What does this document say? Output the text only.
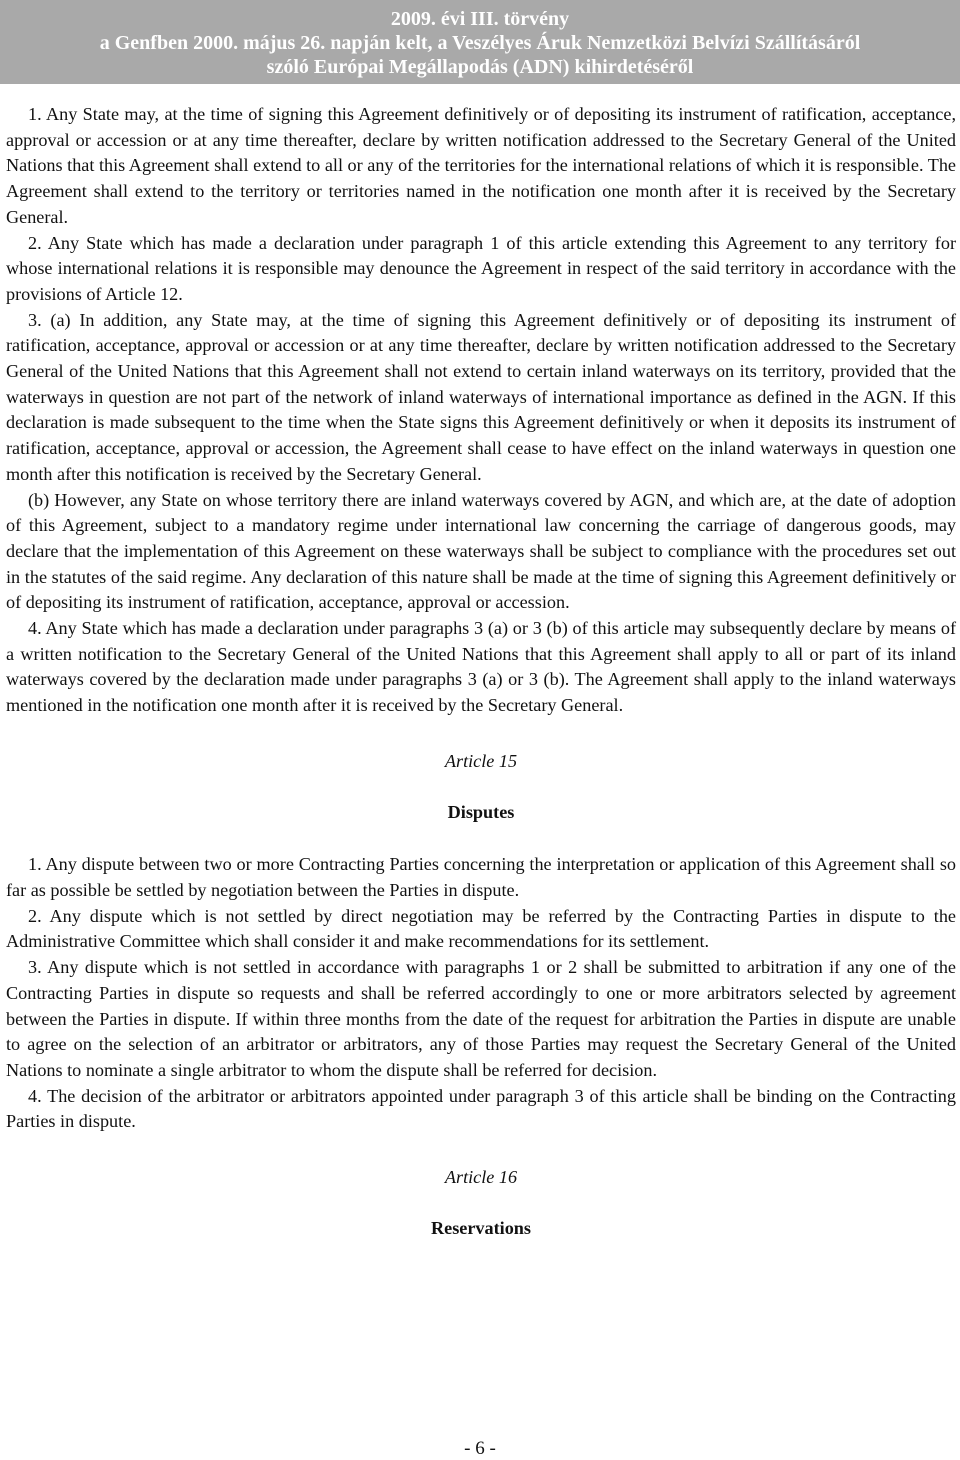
2009. évi III. törvény
a Genfben 2000. május 26. napján kelt, a Veszélyes Áruk Nemzetközi Belvízi Szállításáról
szóló Európai Megállapodás (ADN) kihirdetéséről

1. Any State may, at the time of signing this Agreement definitively or of depositing its instrument of ratification, acceptance, approval or accession or at any time thereafter, declare by written notification addressed to the Secretary General of the United Nations that this Agreement shall extend to all or any of the territories for the international relations of which it is responsible. The Agreement shall extend to the territory or territories named in the notification one month after it is received by the Secretary General.

2. Any State which has made a declaration under paragraph 1 of this article extending this Agreement to any territory for whose international relations it is responsible may denounce the Agreement in respect of the said territory in accordance with the provisions of Article 12.

3. (a) In addition, any State may, at the time of signing this Agreement definitively or of depositing its instrument of ratification, acceptance, approval or accession or at any time thereafter, declare by written notification addressed to the Secretary General of the United Nations that this Agreement shall not extend to certain inland waterways on its territory, provided that the waterways in question are not part of the network of inland waterways of international importance as defined in the AGN. If this declaration is made subsequent to the time when the State signs this Agreement definitively or when it deposits its instrument of ratification, acceptance, approval or accession, the Agreement shall cease to have effect on the inland waterways in question one month after this notification is received by the Secretary General.

(b) However, any State on whose territory there are inland waterways covered by AGN, and which are, at the date of adoption of this Agreement, subject to a mandatory regime under international law concerning the carriage of dangerous goods, may declare that the implementation of this Agreement on these waterways shall be subject to compliance with the procedures set out in the statutes of the said regime. Any declaration of this nature shall be made at the time of signing this Agreement definitively or of depositing its instrument of ratification, acceptance, approval or accession.

4. Any State which has made a declaration under paragraphs 3 (a) or 3 (b) of this article may subsequently declare by means of a written notification to the Secretary General of the United Nations that this Agreement shall apply to all or part of its inland waterways covered by the declaration made under paragraphs 3 (a) or 3 (b). The Agreement shall apply to the inland waterways mentioned in the notification one month after it is received by the Secretary General.

Article 15
Disputes

1. Any dispute between two or more Contracting Parties concerning the interpretation or application of this Agreement shall so far as possible be settled by negotiation between the Parties in dispute.

2. Any dispute which is not settled by direct negotiation may be referred by the Contracting Parties in dispute to the Administrative Committee which shall consider it and make recommendations for its settlement.

3. Any dispute which is not settled in accordance with paragraphs 1 or 2 shall be submitted to arbitration if any one of the Contracting Parties in dispute so requests and shall be referred accordingly to one or more arbitrators selected by agreement between the Parties in dispute. If within three months from the date of the request for arbitration the Parties in dispute are unable to agree on the selection of an arbitrator or arbitrators, any of those Parties may request the Secretary General of the United Nations to nominate a single arbitrator to whom the dispute shall be referred for decision.

4. The decision of the arbitrator or arbitrators appointed under paragraph 3 of this article shall be binding on the Contracting Parties in dispute.

Article 16
Reservations
- 6 -
